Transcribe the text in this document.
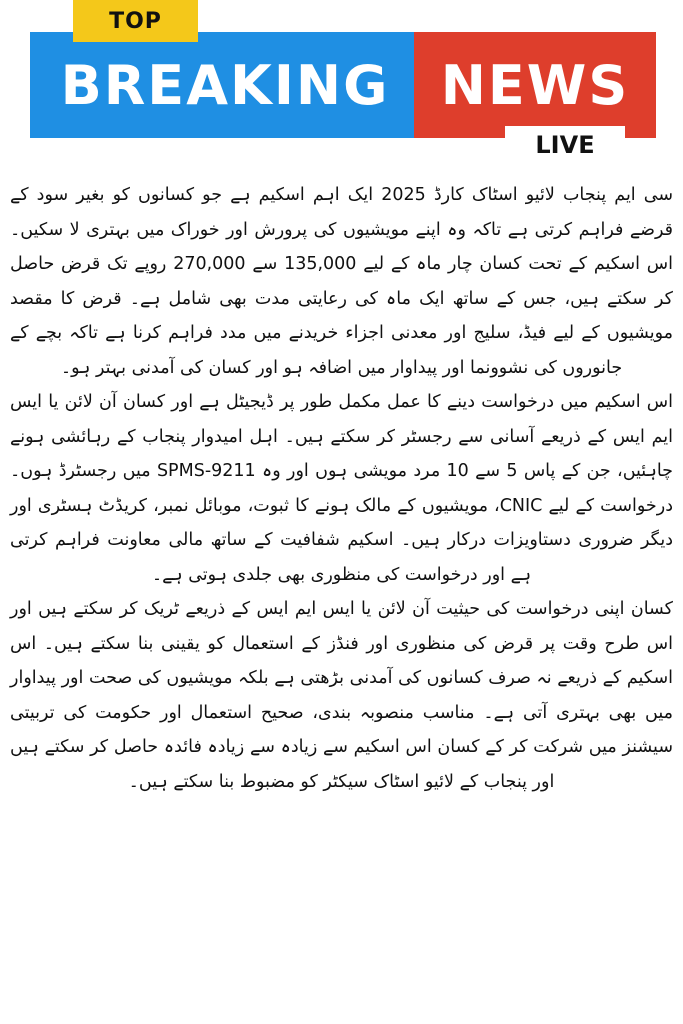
BREAKING NEWS
TOP
LIVE

سی ایم پنجاب لائیو اسٹاک کارڈ 2025 ایک اہم اسکیم ہے جو کسانوں کو بغیر سود کے قرضے فراہم کرتی ہے تاکہ وہ اپنے مویشیوں کی پرورش اور خوراک میں بہتری لا سکیں۔ اس اسکیم کے تحت کسان چار ماہ کے لیے 135,000 سے 270,000 روپے تک قرض حاصل کر سکتے ہیں، جس کے ساتھ ایک ماہ کی رعایتی مدت بھی شامل ہے۔ قرض کا مقصد مویشیوں کے لیے فیڈ، سلیج اور معدنی اجزاء خریدنے میں مدد فراہم کرنا ہے تاکہ بچے کے جانوروں کی نشوونما اور پیداوار میں اضافہ ہو اور کسان کی آمدنی بہتر ہو۔

اس اسکیم میں درخواست دینے کا عمل مکمل طور پر ڈیجیٹل ہے اور کسان آن لائن یا ایس ایم ایس کے ذریعے آسانی سے رجسٹر کر سکتے ہیں۔ اہل امیدوار پنجاب کے رہائشی ہونے چاہئیں، جن کے پاس 5 سے 10 مرد مویشی ہوں اور وہ SPMS-9211 میں رجسٹرڈ ہوں۔ درخواست کے لیے CNIC، مویشیوں کے مالک ہونے کا ثبوت، موبائل نمبر، کریڈٹ ہسٹری اور دیگر ضروری دستاویزات درکار ہیں۔ اسکیم شفافیت کے ساتھ مالی معاونت فراہم کرتی ہے اور درخواست کی منظوری بھی جلدی ہوتی ہے۔

کسان اپنی درخواست کی حیثیت آن لائن یا ایس ایم ایس کے ذریعے ٹریک کر سکتے ہیں اور اس طرح وقت پر قرض کی منظوری اور فنڈز کے استعمال کو یقینی بنا سکتے ہیں۔ اس اسکیم کے ذریعے نہ صرف کسانوں کی آمدنی بڑھتی ہے بلکہ مویشیوں کی صحت اور پیداوار میں بھی بہتری آتی ہے۔ مناسب منصوبہ بندی، صحیح استعمال اور حکومت کی تربیتی سیشنز میں شرکت کر کے کسان اس اسکیم سے زیادہ سے زیادہ فائدہ حاصل کر سکتے ہیں اور پنجاب کے لائیو اسٹاک سیکٹر کو مضبوط بنا سکتے ہیں۔
